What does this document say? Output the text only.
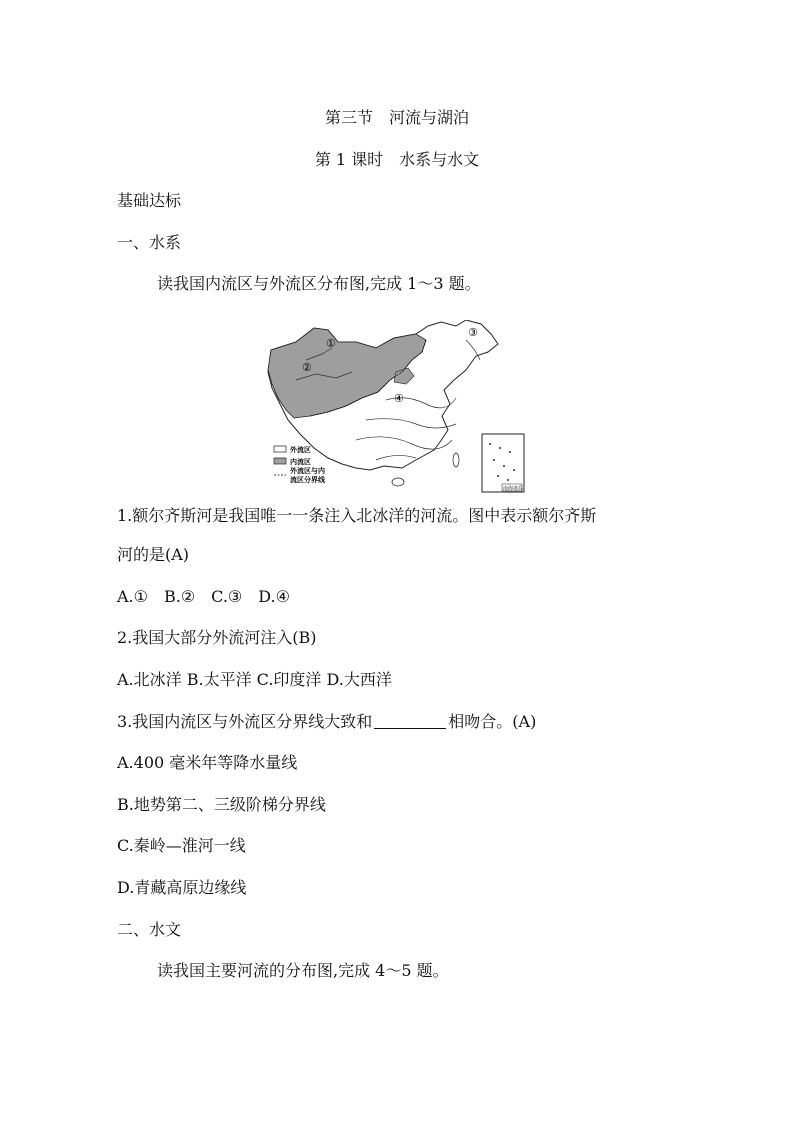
第三节　河流与湖泊
第 1 课时　水系与水文
基础达标
一、水系
读我国内流区与外流区分布图,完成 1～3 题。
①
②
③
④
外流区
内流区
外流区与内
流区分界线
南海诸岛
1.额尔齐斯河是我国唯一一条注入北冰洋的河流。图中表示额尔齐斯
河的是(A)
A.①　B.②　C.③　D.④
2.我国大部分外流河注入(B)
A.北冰洋 B.太平洋 C.印度洋 D.大西洋
3.我国内流区与外流区分界线大致和	相吻合。(A)
A.400 毫米年等降水量线
B.地势第二、三级阶梯分界线
C.秦岭—淮河一线
D.青藏高原边缘线
二、水文
读我国主要河流的分布图,完成 4～5 题。
